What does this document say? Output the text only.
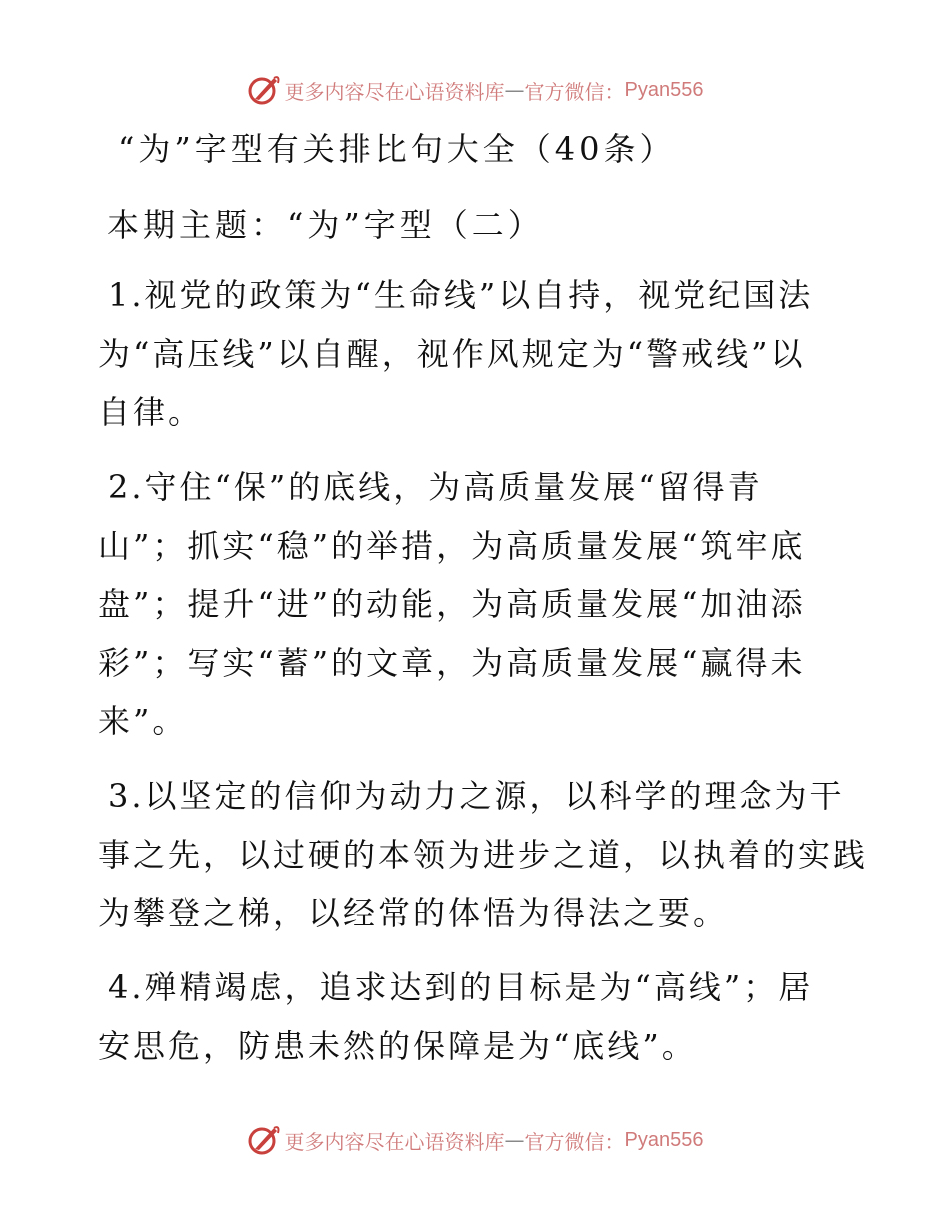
更多内容尽在心语资料库 — 官方微信： Pyan556
“为”字型有关排比句大全（40条）
本期主题：“为”字型（二）
1.视党的政策为“生命线”以自持，视党纪国法
为“高压线”以自醒，视作风规定为“警戒线”以
自律。
2.守住“保”的底线，为高质量发展“留得青
山”；抓实“稳”的举措，为高质量发展“筑牢底
盘”；提升“进”的动能，为高质量发展“加油添
彩”；写实“蓄”的文章，为高质量发展“赢得未
来”。
3.以坚定的信仰为动力之源，以科学的理念为干
事之先，以过硬的本领为进步之道，以执着的实践
为攀登之梯，以经常的体悟为得法之要。
4.殚精竭虑，追求达到的目标是为“高线”；居
安思危，防患未然的保障是为“底线”。
更多内容尽在心语资料库 — 官方微信： Pyan556
